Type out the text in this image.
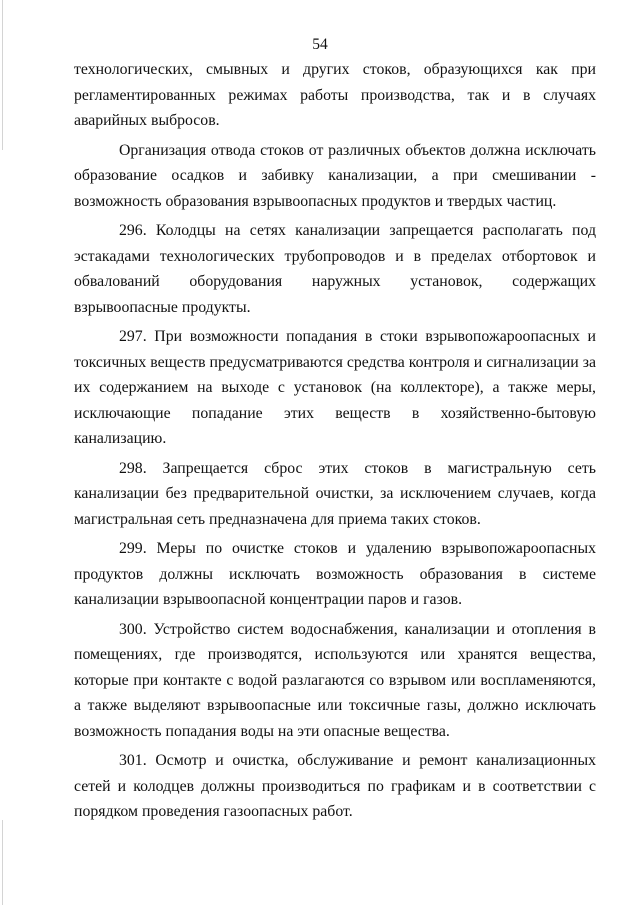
54

технологических, смывных и других стоков, образующихся как при регламентированных режимах работы производства, так и в случаях аварийных выбросов.

Организация отвода стоков от различных объектов должна исключать образование осадков и забивку канализации, а при смешивании - возможность образования взрывоопасных продуктов и твердых частиц.

296. Колодцы на сетях канализации запрещается располагать под эстакадами технологических трубопроводов и в пределах отбортовок и обвалований оборудования наружных установок, содержащих взрывоопасные продукты.

297. При возможности попадания в стоки взрывопожароопасных и токсичных веществ предусматриваются средства контроля и сигнализации за их содержанием на выходе с установок (на коллекторе), а также меры, исключающие попадание этих веществ в хозяйственно-бытовую канализацию.

298. Запрещается сброс этих стоков в магистральную сеть канализации без предварительной очистки, за исключением случаев, когда магистральная сеть предназначена для приема таких стоков.

299. Меры по очистке стоков и удалению взрывопожароопасных продуктов должны исключать возможность образования в системе канализации взрывоопасной концентрации паров и газов.

300. Устройство систем водоснабжения, канализации и отопления в помещениях, где производятся, используются или хранятся вещества, которые при контакте с водой разлагаются со взрывом или воспламеняются, а также выделяют взрывоопасные или токсичные газы, должно исключать возможность попадания воды на эти опасные вещества.

301. Осмотр и очистка, обслуживание и ремонт канализационных сетей и колодцев должны производиться по графикам и в соответствии с порядком проведения газоопасных работ.
